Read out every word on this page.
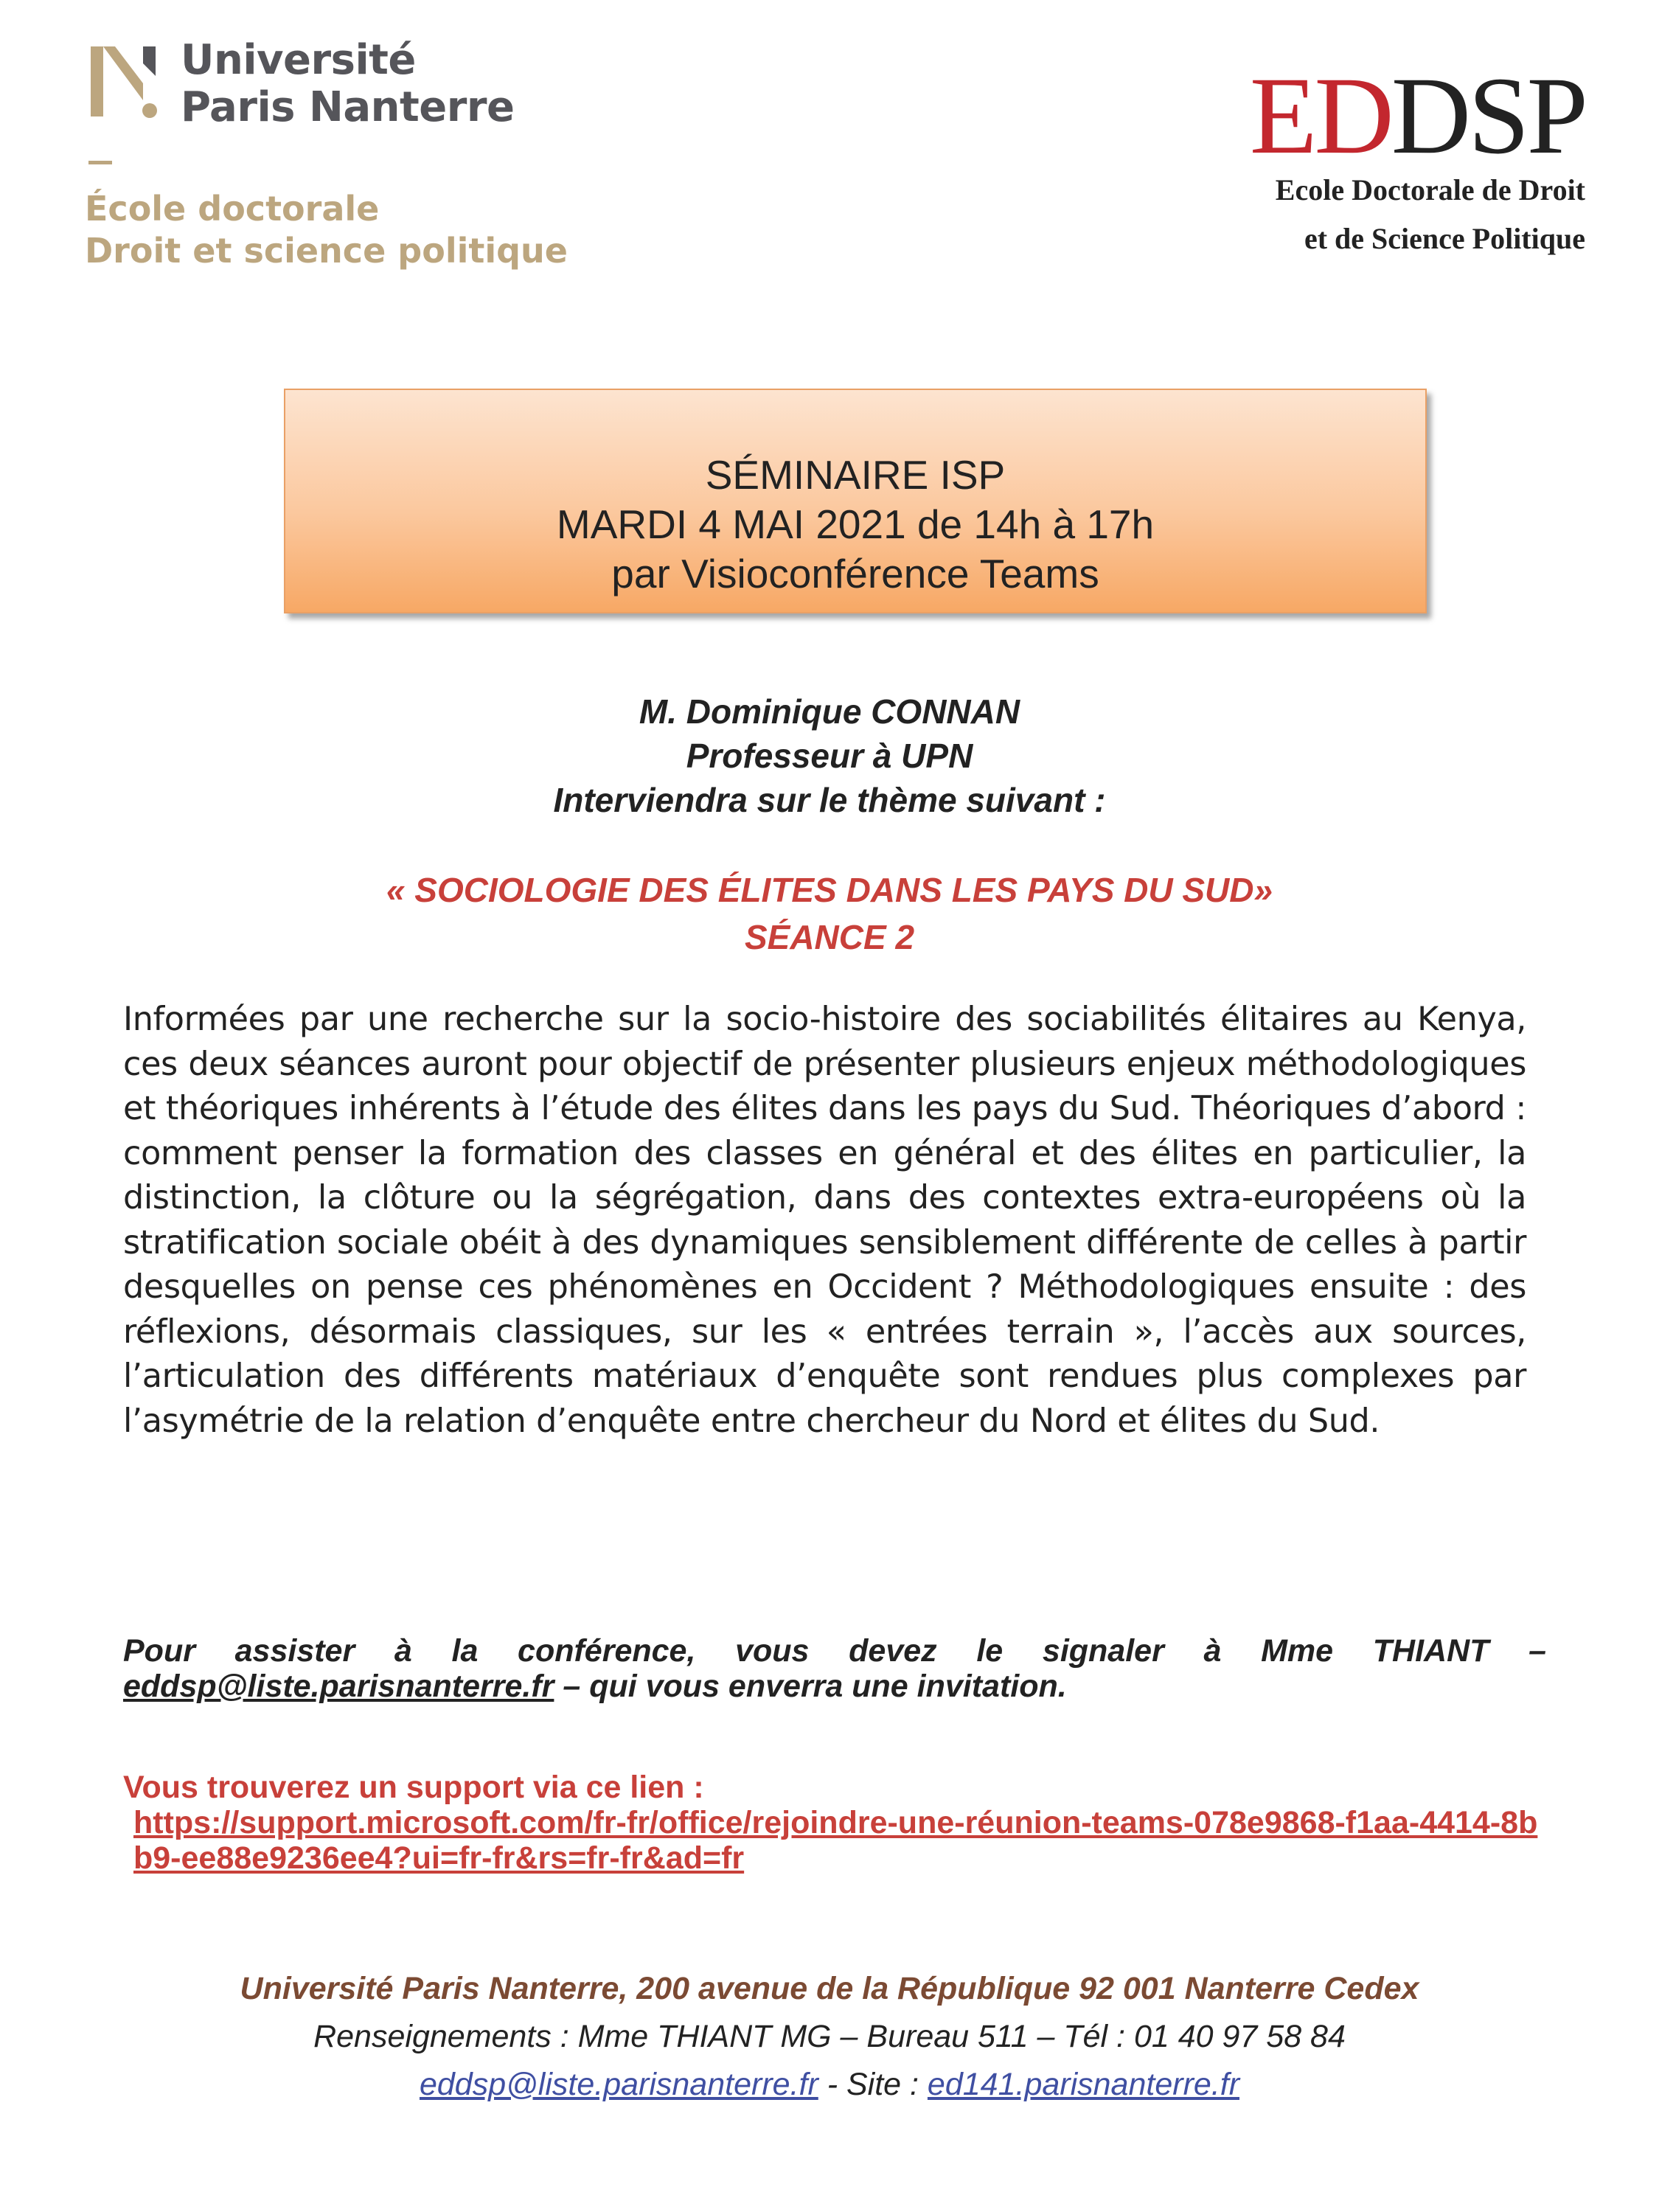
Université
Paris Nanterre
École doctorale
Droit et science politique
EDDSP
Ecole Doctorale de Droit
et de Science Politique
SÉMINAIRE ISP
MARDI 4 MAI 2021 de 14h à 17h
par Visioconférence Teams
M. Dominique CONNAN
Professeur à UPN
Interviendra sur le thème suivant :
« SOCIOLOGIE DES ÉLITES DANS LES PAYS DU SUD»
SÉANCE 2
Informées par une recherche sur la socio-histoire des sociabilités élitaires au Kenya, ces deux séances auront pour objectif de présenter plusieurs enjeux méthodologiques et théoriques inhérents à l’étude des élites dans les pays du Sud. Théoriques d’abord : comment penser la formation des classes en général et des élites en particulier, la distinction, la clôture ou la ségrégation, dans des contextes extra-européens où la stratification sociale obéit à des dynamiques sensiblement différente de celles à partir desquelles on pense ces phénomènes en Occident ? Méthodologiques ensuite : des réflexions, désormais classiques, sur les « entrées terrain », l’accès aux sources, l’articulation des différents matériaux d’enquête sont rendues plus complexes par l’asymétrie de la relation d’enquête entre chercheur du Nord et élites du Sud.
Pour assister à la conférence, vous devez le signaler à Mme THIANT –
eddsp@liste.parisnanterre.fr – qui vous enverra une invitation.
Vous trouverez un support via ce lien :
https://support.microsoft.com/fr-fr/office/rejoindre-une-réunion-teams-078e9868-f1aa-4414-8bb9-ee88e9236ee4?ui=fr-fr&rs=fr-fr&ad=fr
Université Paris Nanterre, 200 avenue de la République 92 001 Nanterre Cedex
Renseignements : Mme THIANT MG – Bureau 511 – Tél : 01 40 97 58 84
eddsp@liste.parisnanterre.fr - Site : ed141.parisnanterre.fr
